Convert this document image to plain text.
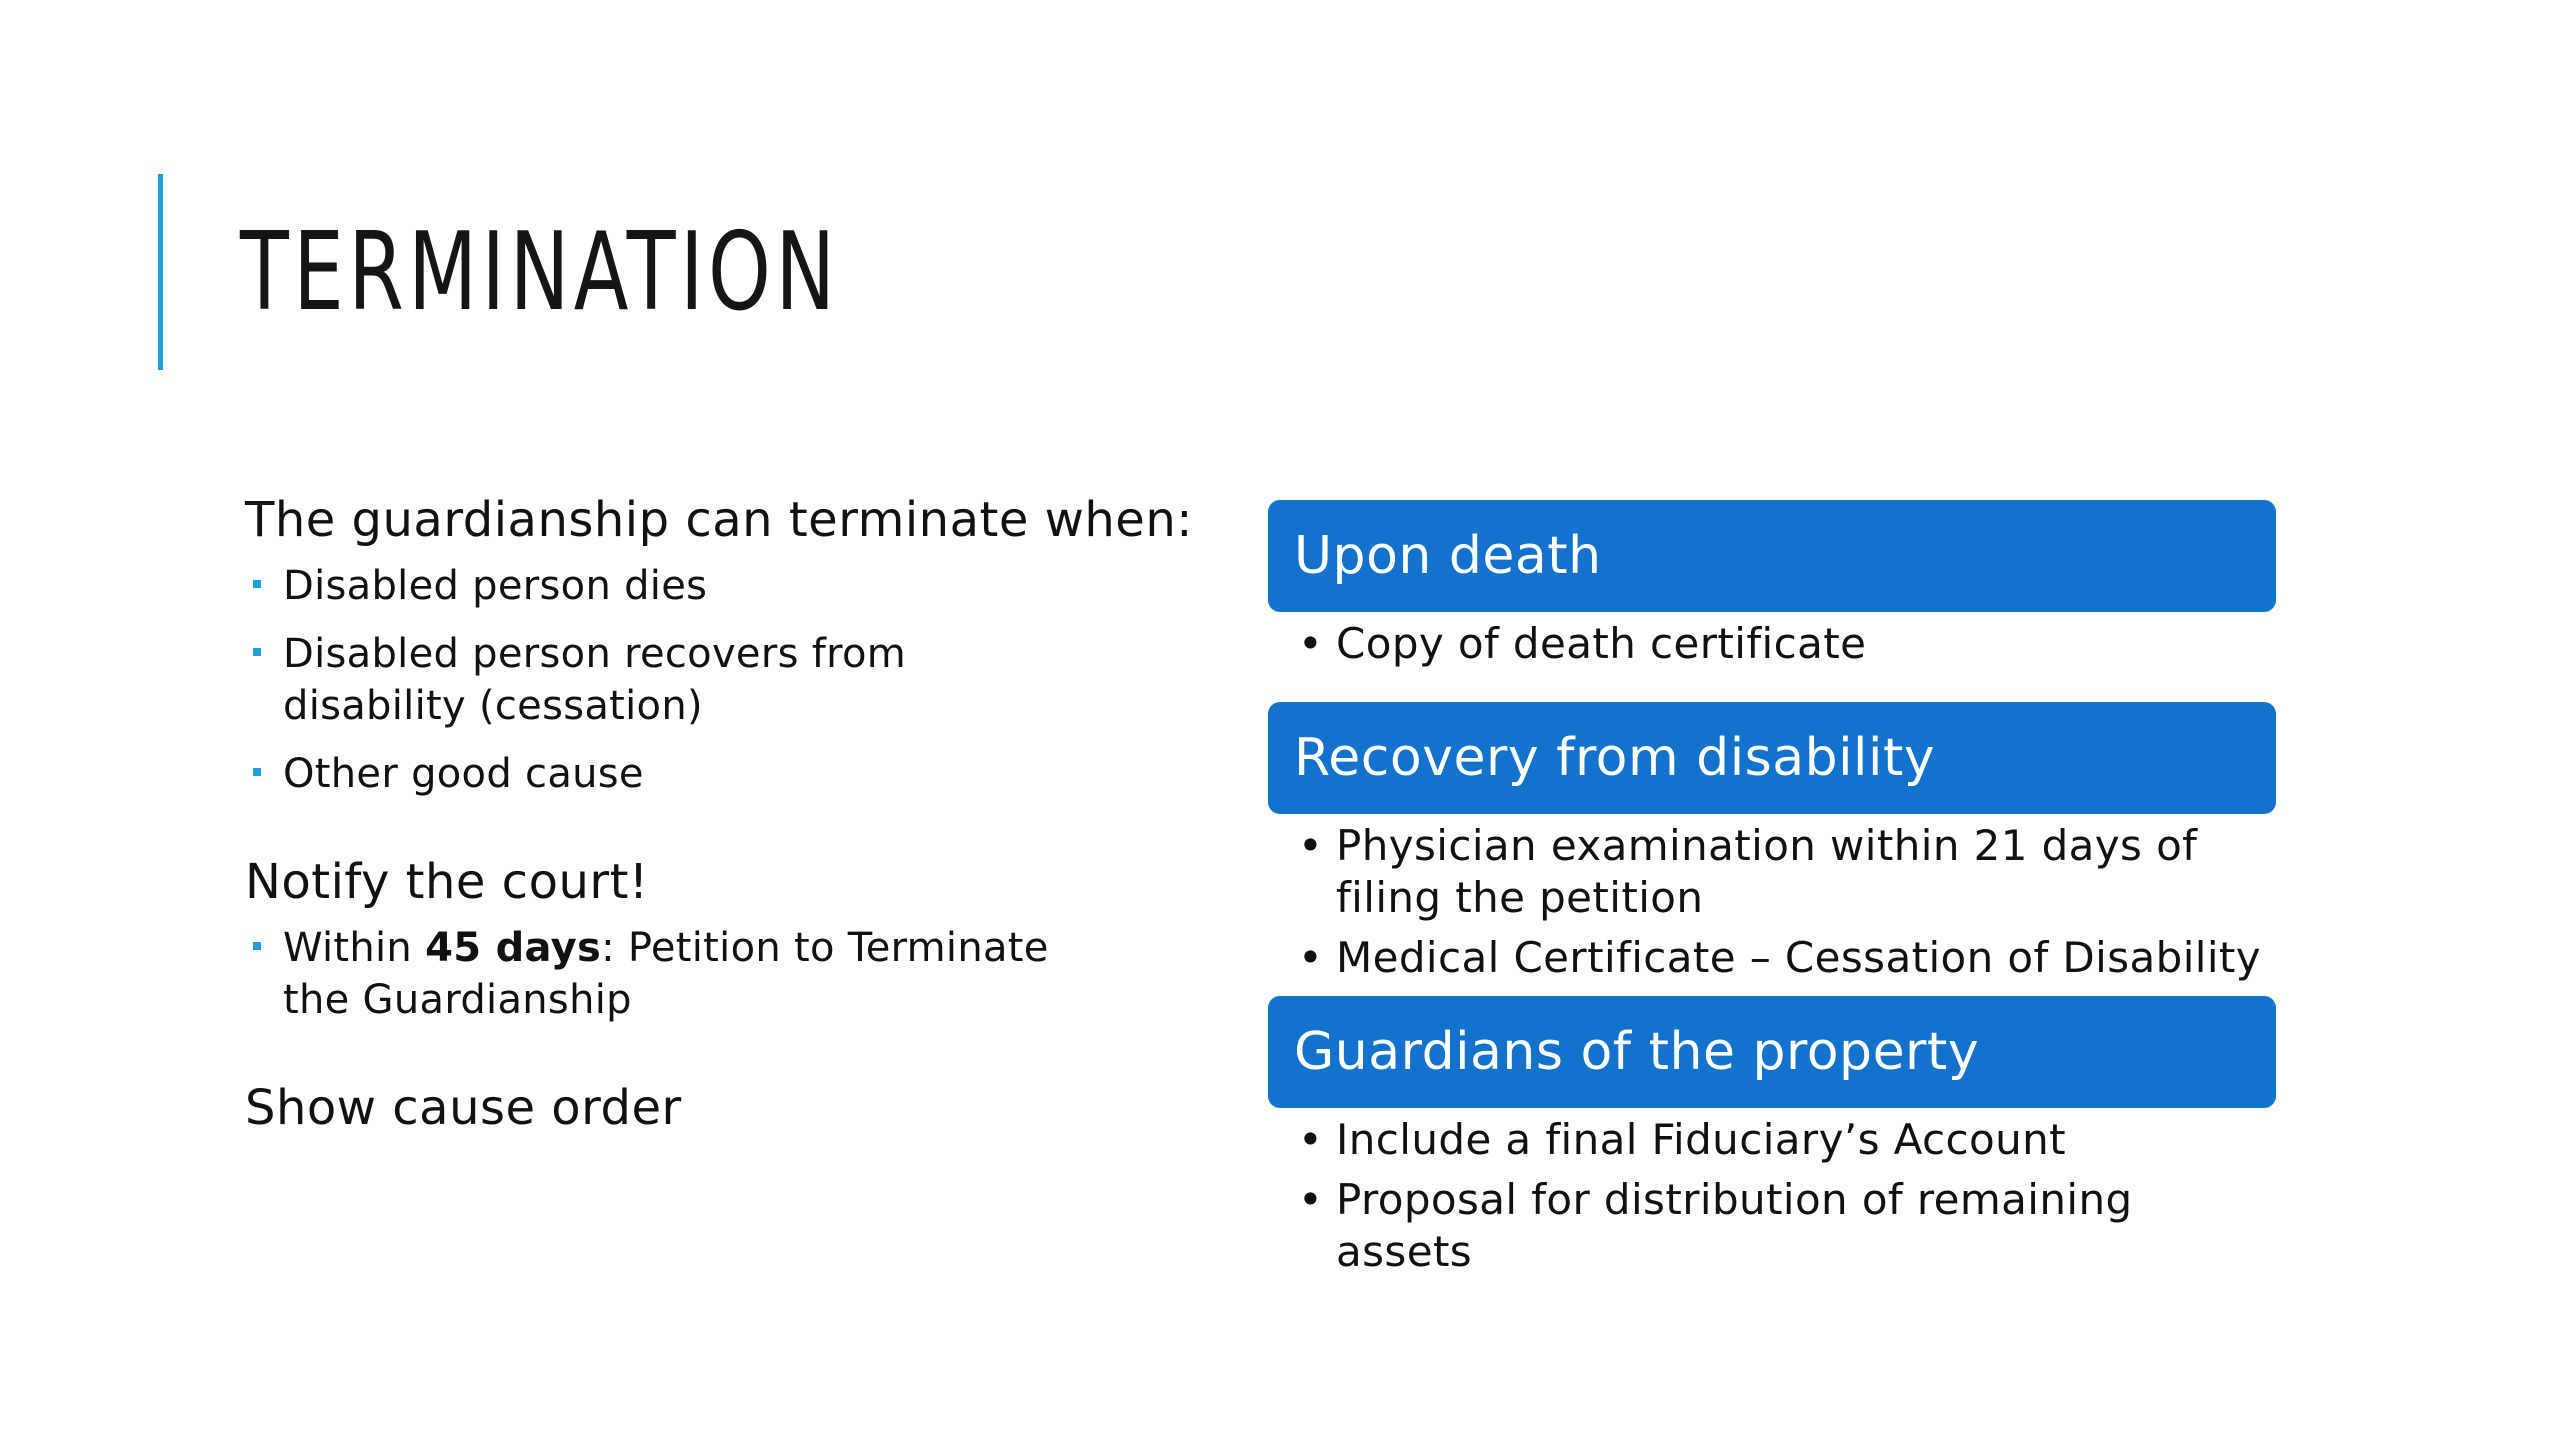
TERMINATION

The guardianship can terminate when:

Disabled person dies
Disabled person recovers from disability (cessation)
Other good cause

Notify the court!

Within 45 days: Petition to Terminate the Guardianship

Show cause order

Upon death
• Copy of death certificate
Recovery from disability
• Physician examination within 21 days of filing the petition
• Medical Certificate – Cessation of Disability
Guardians of the property
• Include a final Fiduciary’s Account
• Proposal for distribution of remaining assets
